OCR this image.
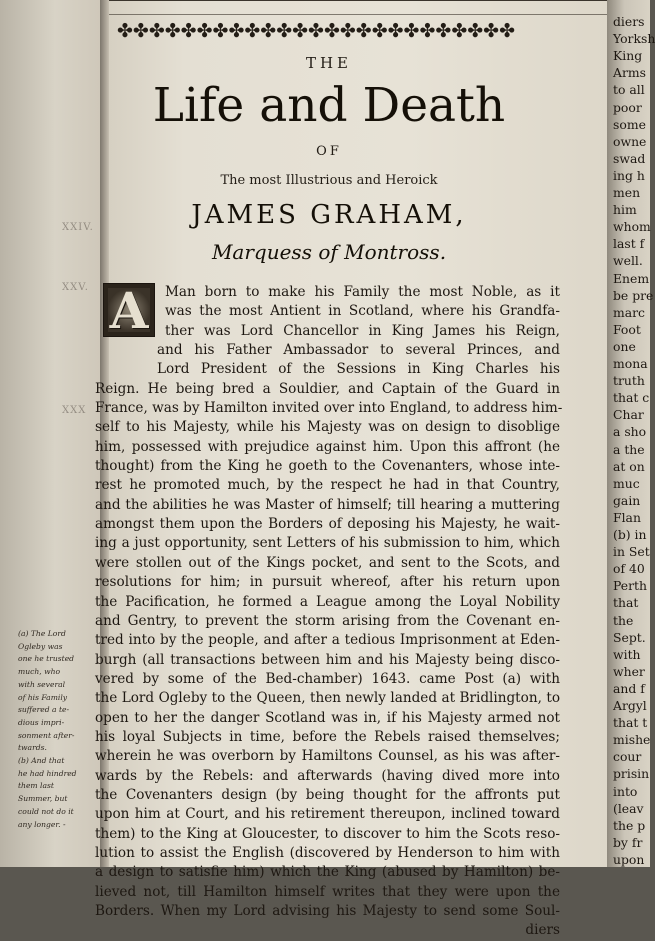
✤✤✤✤✤✤✤✤✤✤✤✤✤✤✤✤✤✤✤✤✤✤✤✤✤
THE
Life and Death
OF
The most Illustrious and Heroick
JAMES GRAHAM,
Marquess of Montross.
A	Man born to make his Family the most Noble, as it
was the most Antient in Scotland, where his Grandfa-
ther was Lord Chancellor in King James his Reign,
and his Father Ambassador to several Princes, and
Lord President of the Sessions in King Charles his
Reign. He being bred a Souldier, and Captain of the Guard in
France, was by Hamilton invited over into England, to address him-
self to his Majesty, while his Majesty was on design to disoblige
him, possessed with prejudice against him. Upon this affront (he
thought) from the King he goeth to the Covenanters, whose inte-
rest he promoted much, by the respect he had in that Country,
and the abilities he was Master of himself; till hearing a muttering
amongst them upon the Borders of deposing his Majesty, he wait-
ing a just opportunity, sent Letters of his submission to him, which
were stollen out of the Kings pocket, and sent to the Scots, and
resolutions for him; in pursuit whereof, after his return upon
the Pacification, he formed a League among the Loyal Nobility
and Gentry, to prevent the storm arising from the Covenant en-
tred into by the people, and after a tedious Imprisonment at Eden-
burgh (all transactions between him and his Majesty being disco-
vered by some of the Bed-chamber) 1643. came Post (a) with
the Lord Ogleby to the Queen, then newly landed at Bridlington, to
open to her the danger Scotland was in, if his Majesty armed not
his loyal Subjects in time, before the Rebels raised themselves;
wherein he was overborn by Hamiltons Counsel, as his was after-
wards by the Rebels: and afterwards (having dived more into
the Covenanters design (by being thought for the affronts put
upon him at Court, and his retirement thereupon, inclined toward
them) to the King at Gloucester, to discover to him the Scots reso-
lution to assist the English (discovered by Henderson to him with
a design to satisfie him) which the King (abused by Hamilton) be-
lieved not, till Hamilton himself writes that they were upon the
Borders. When my Lord advising his Majesty to send some Soul-
diers
(a) The Lord
Ogleby was
one he trusted
much, who
with several
of his Family
suffered a te-
dious impri-
sonment after-
twards.
(b) And that
he had hindred
them last
Summer, but
could not do it
any longer. -
diers
Yorksh
King
Arms
to all
poor
some
owne
swad
ing h
men
him
whom
last f
well.
Enem
be pre
marc
Foot
one
mona
truth
that c
Char
a sho
a the
at on
muc
gain
Flan
(b) in
in Set
of 40
Perth
that
the
Sept.
with
wher
and f
Argyl
that t
mishe
cour
prisin
into
(leav
the p
by fr
upon
XXIV.
XXV.
XXX
